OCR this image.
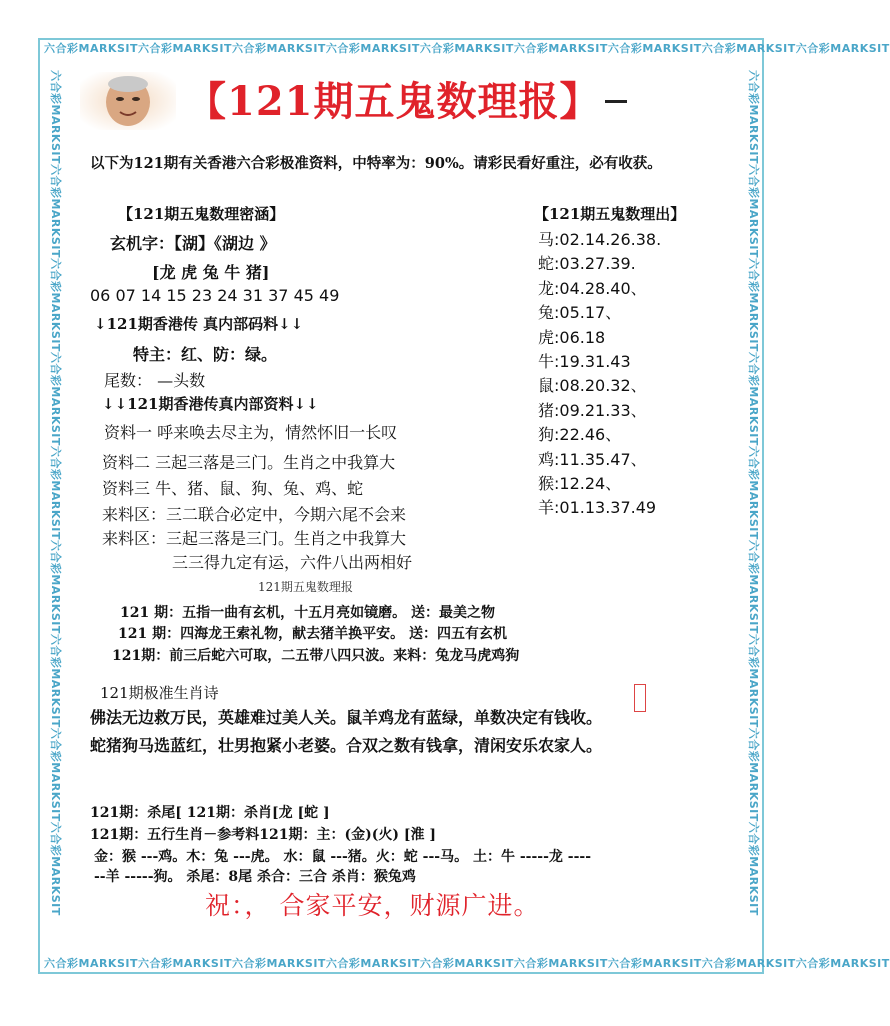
六合彩MARKSIT六合彩MARKSIT六合彩MARKSIT六合彩MARKSIT六合彩MARKSIT六合彩MARKSIT六合彩MARKSIT六合彩MARKSIT六合彩MARKSIT
六合彩MARKSIT六合彩MARKSIT六合彩MARKSIT六合彩MARKSIT六合彩MARKSIT六合彩MARKSIT六合彩MARKSIT六合彩MARKSIT六合彩MARKSIT
六合彩MARKSIT六合彩MARKSIT六合彩MARKSIT六合彩MARKSIT六合彩MARKSIT六合彩MARKSIT六合彩MARKSIT六合彩MARKSIT六合彩MARKSIT	六合彩MARKSIT六合彩MARKSIT六合彩MARKSIT六合彩MARKSIT六合彩MARKSIT六合彩MARKSIT六合彩MARKSIT六合彩MARKSIT六合彩MARKSIT
【121期五鬼数理报】
以下为121期有关香港六合彩极准资料，中特率为：90%。请彩民看好重注，必有收获。
【121期五鬼数理密涵】
玄机字：【湖】《湖边 》
[龙 虎 兔 牛 猪]
06 07 14 15 23 24 31 37 45 49
↓121期香港传 真内部码料↓↓
特主：红、防：绿。
尾数： —头数
↓↓121期香港传真内部资料↓↓
资料一 呼来唤去尽主为，情然怀旧一长叹
资料二 三起三落是三门。生肖之中我算大
资料三 牛、猪、鼠、狗、兔、鸡、蛇
来料区：三二联合必定中，今期六尾不会来
来料区：三起三落是三门。生肖之中我算大
三三得九定有运，六件八出两相好
【121期五鬼数理出】
马:02.14.26.38.
蛇:03.27.39.
龙:04.28.40、
兔:05.17、
虎:06.18
牛:19.31.43
鼠:08.20.32、
猪:09.21.33、
狗:22.46、
鸡:11.35.47、
猴:12.24、
羊:01.13.37.49
121期五鬼数理报
121 期：五指一曲有玄机，十五月亮如镜磨。 送：最美之物
121 期：四海龙王索礼物，献去猪羊换平安。 送：四五有玄机
121期：前三后蛇六可取，二五带八四只波。来料：兔龙马虎鸡狗
121期极准生肖诗
佛法无边救万民，英雄难过美人关。鼠羊鸡龙有蓝绿，单数决定有钱收。
蛇猪狗马选蓝红，壮男抱紧小老婆。合双之数有钱拿，清闲安乐农家人。
121期：杀尾[ 121期：杀肖[龙 [蛇 ]
121期：五行生肖－参考料121期：主：(金)(火) [淮 ]
金：猴 ---鸡。木：兔 ---虎。 水：鼠 ---猪。火：蛇 ---马。 土：牛 -----龙 ----
--羊 -----狗。 杀尾：8尾 杀合：三合 杀肖：猴兔鸡
祝：， 合家平安，财源广进。
